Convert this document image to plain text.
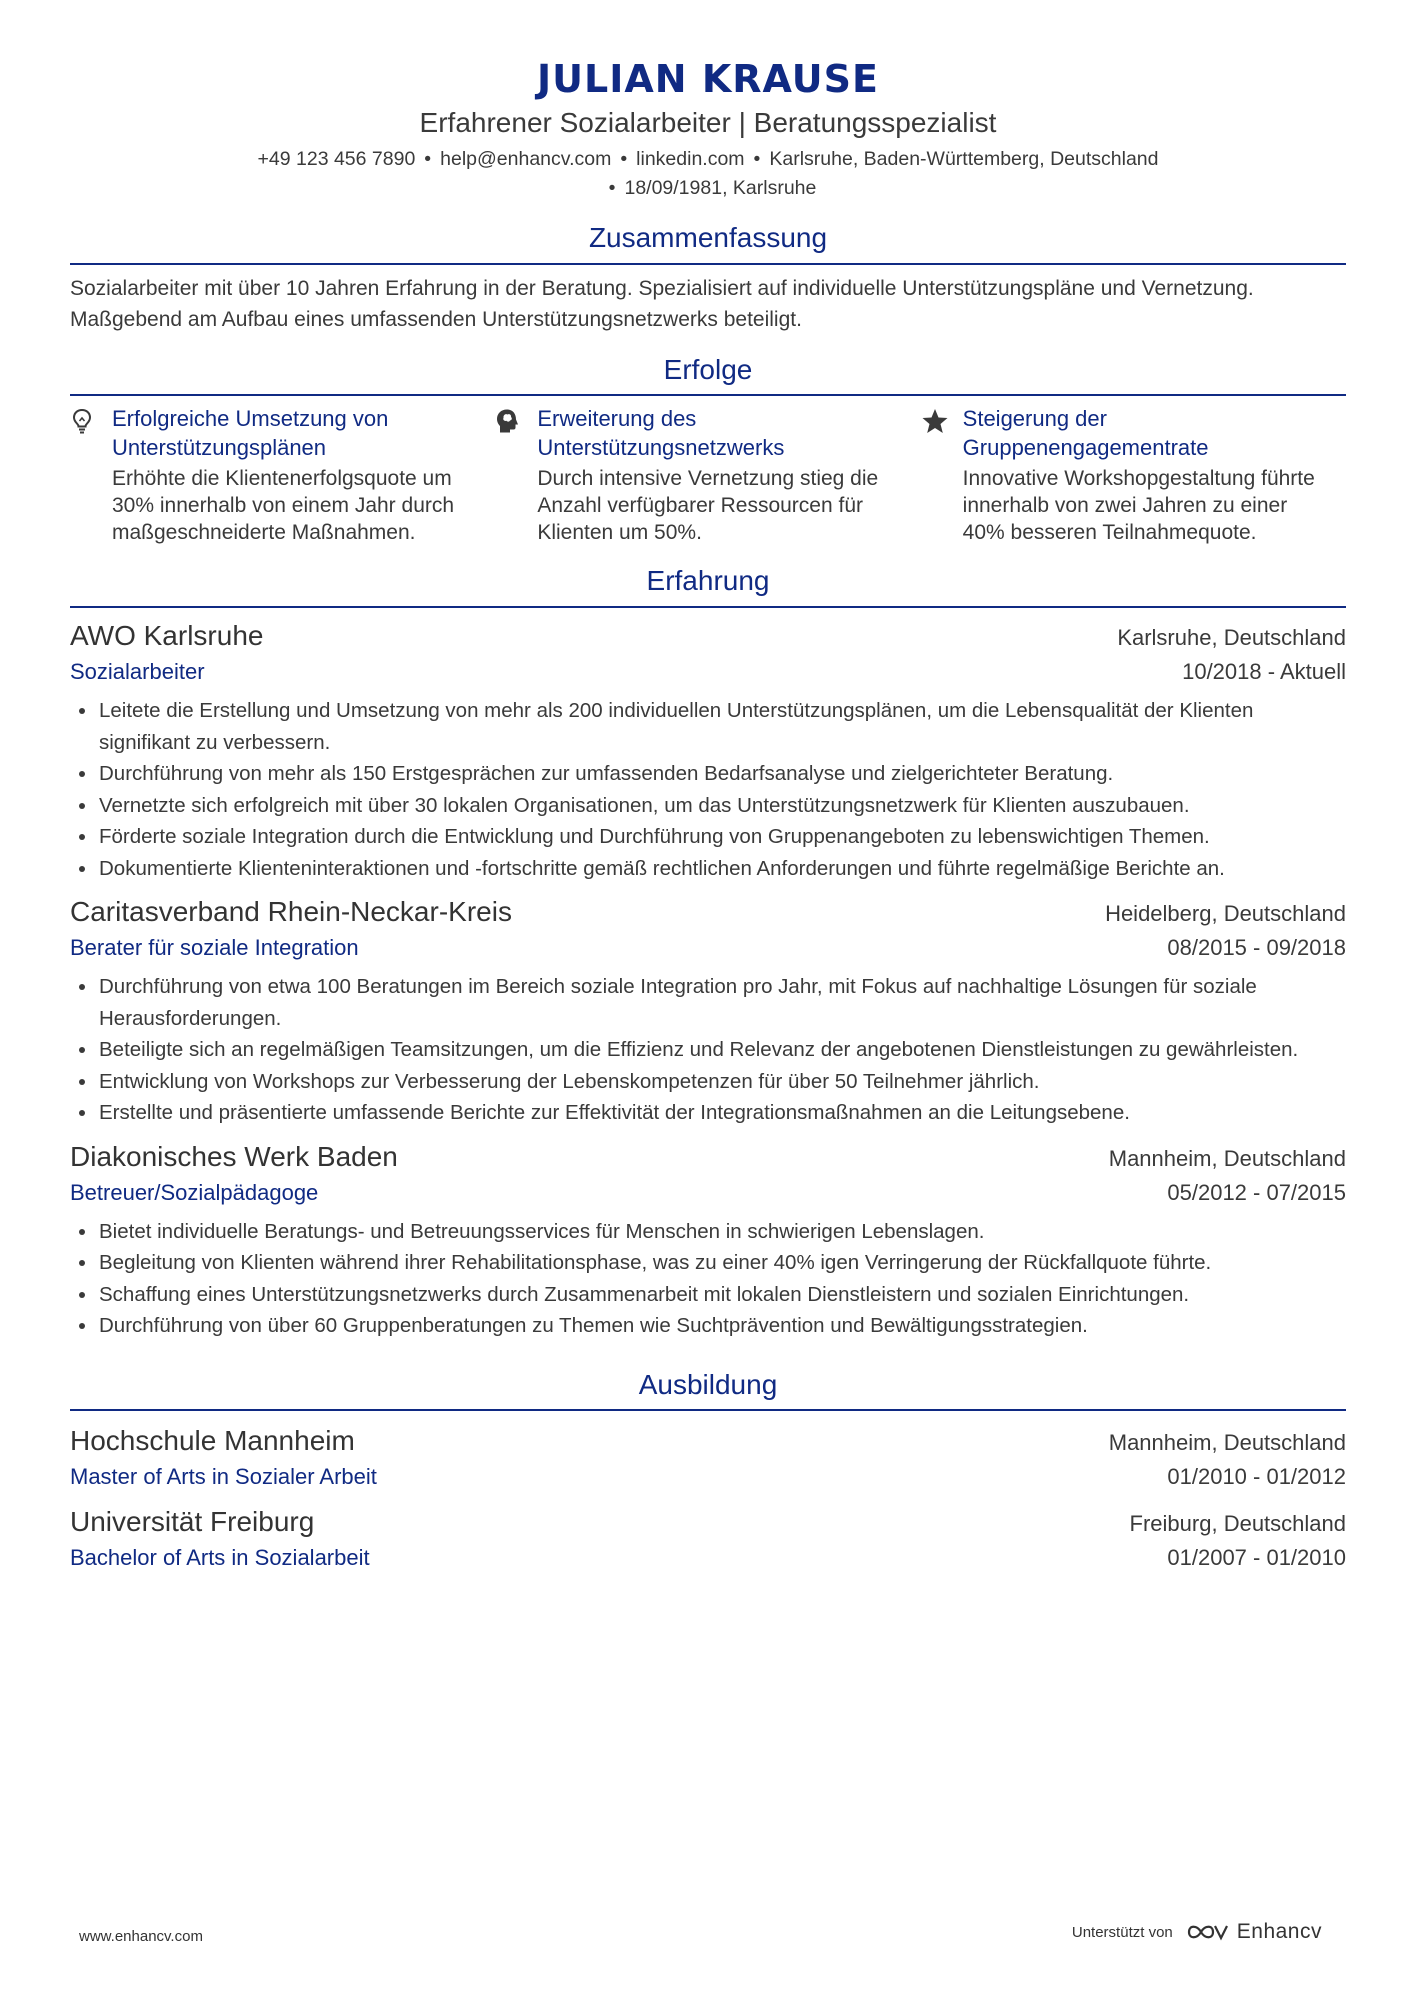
JULIAN KRAUSE
Erfahrener Sozialarbeiter | Beratungsspezialist
+49 123 456 7890 • help@enhancv.com • linkedin.com • Karlsruhe, Baden-Württemberg, Deutschland
• 18/09/1981, Karlsruhe
Zusammenfassung
Sozialarbeiter mit über 10 Jahren Erfahrung in der Beratung. Spezialisiert auf individuelle Unterstützungspläne und Vernetzung. Maßgebend am Aufbau eines umfassenden Unterstützungsnetzwerks beteiligt.
Erfolge
Erfolgreiche Umsetzung von Unterstützungsplänen
Erhöhte die Klientenerfolgsquote um 30% innerhalb von einem Jahr durch maßgeschneiderte Maßnahmen.
Erweiterung des Unterstützungsnetzwerks
Durch intensive Vernetzung stieg die Anzahl verfügbarer Ressourcen für Klienten um 50%.
Steigerung der Gruppenengagementrate
Innovative Workshopgestaltung führte innerhalb von zwei Jahren zu einer 40% besseren Teilnahmequote.
Erfahrung
AWO Karlsruhe	Karlsruhe, Deutschland
Sozialarbeiter	10/2018 - Aktuell
Leitete die Erstellung und Umsetzung von mehr als 200 individuellen Unterstützungsplänen, um die Lebensqualität der Klienten signifikant zu verbessern.
Durchführung von mehr als 150 Erstgesprächen zur umfassenden Bedarfsanalyse und zielgerichteter Beratung.
Vernetzte sich erfolgreich mit über 30 lokalen Organisationen, um das Unterstützungsnetzwerk für Klienten auszubauen.
Förderte soziale Integration durch die Entwicklung und Durchführung von Gruppenangeboten zu lebenswichtigen Themen.
Dokumentierte Klienteninteraktionen und -fortschritte gemäß rechtlichen Anforderungen und führte regelmäßige Berichte an.
Caritasverband Rhein-Neckar-Kreis	Heidelberg, Deutschland
Berater für soziale Integration	08/2015 - 09/2018
Durchführung von etwa 100 Beratungen im Bereich soziale Integration pro Jahr, mit Fokus auf nachhaltige Lösungen für soziale Herausforderungen.
Beteiligte sich an regelmäßigen Teamsitzungen, um die Effizienz und Relevanz der angebotenen Dienstleistungen zu gewährleisten.
Entwicklung von Workshops zur Verbesserung der Lebenskompetenzen für über 50 Teilnehmer jährlich.
Erstellte und präsentierte umfassende Berichte zur Effektivität der Integrationsmaßnahmen an die Leitungsebene.
Diakonisches Werk Baden	Mannheim, Deutschland
Betreuer/Sozialpädagoge	05/2012 - 07/2015
Bietet individuelle Beratungs- und Betreuungsservices für Menschen in schwierigen Lebenslagen.
Begleitung von Klienten während ihrer Rehabilitationsphase, was zu einer 40% igen Verringerung der Rückfallquote führte.
Schaffung eines Unterstützungsnetzwerks durch Zusammenarbeit mit lokalen Dienstleistern und sozialen Einrichtungen.
Durchführung von über 60 Gruppenberatungen zu Themen wie Suchtprävention und Bewältigungsstrategien.
Ausbildung
Hochschule Mannheim	Mannheim, Deutschland
Master of Arts in Sozialer Arbeit	01/2010 - 01/2012
Universität Freiburg	Freiburg, Deutschland
Bachelor of Arts in Sozialarbeit	01/2007 - 01/2010
www.enhancv.com	Unterstützt von	Enhancv
